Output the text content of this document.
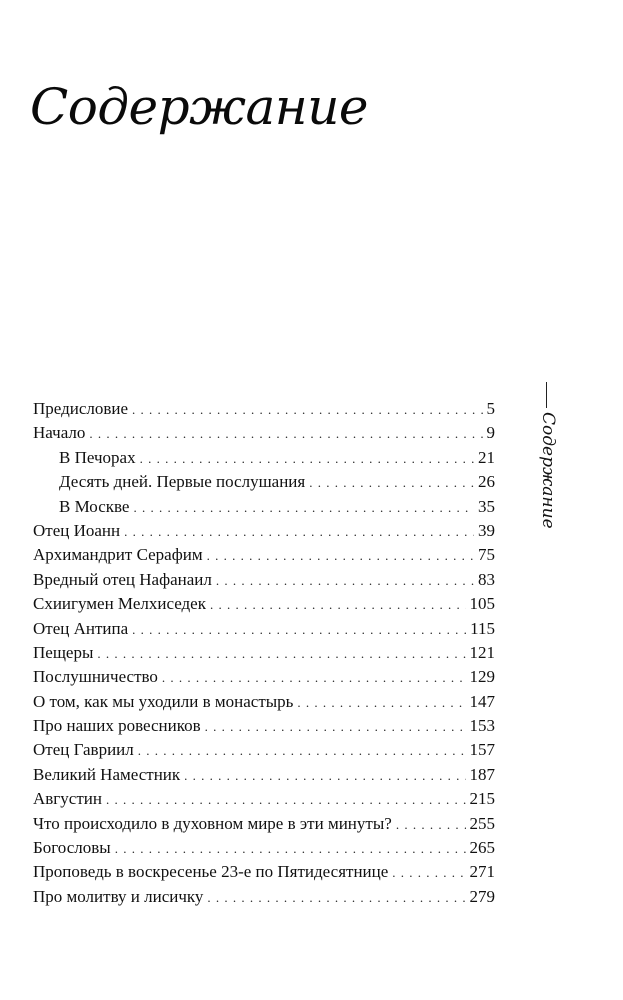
Содержание
Предисловие . . .	5
Начало . . .	9
В Печорах . . .	21
Десять дней. Первые послушания . . .	26
В Москве . . .	35
Отец Иоанн . . .	39
Архимандрит Серафим . . .	75
Вредный отец Нафанаил . . .	83
Схиигумен Мелхиседек . . .	105
Отец Антипа . . .	115
Пещеры . . .	121
Послушничество . . .	129
О том, как мы уходили в монастырь . . .	147
Про наших ровесников . . .	153
Отец Гавриил . . .	157
Великий Наместник . . .	187
Августин . . .	215
Что происходило в духовном мире в эти минуты? . . .	255
Богословы . . .	265
Проповедь в воскресенье 23-е по Пятидесятнице . . .	271
Про молитву и лисичку . . .	279
Содержание
